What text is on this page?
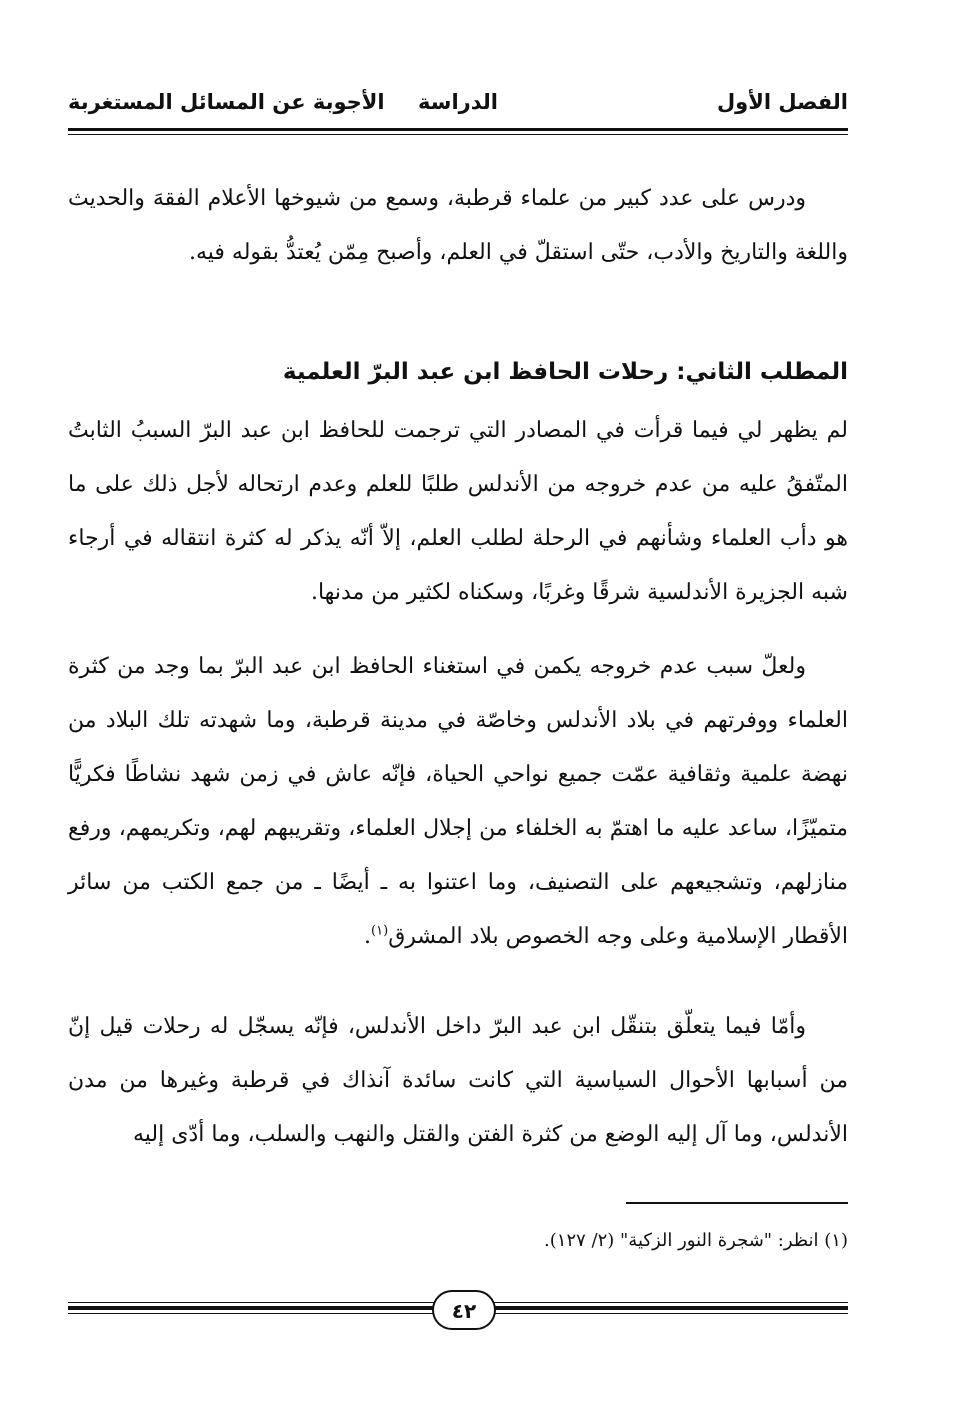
الفصل الأول
الدراسة
الأجوبة عن المسائل المستغربة

ودرس على عدد كبير من علماء قرطبة، وسمع من شيوخها الأعلام الفقهَ والحديث واللغة والتاريخ والأدب، حتّى استقلّ في العلم، وأصبح مِمّن يُعتدُّ بقوله فيه.

المطلب الثاني: رحلات الحافظ ابن عبد البرّ العلمية

لم يظهر لي فيما قرأت في المصادر التي ترجمت للحافظ ابن عبد البرّ السببُ الثابتُ المتّفقُ عليه من عدم خروجه من الأندلس طلبًا للعلم وعدم ارتحاله لأجل ذلك على ما هو دأب العلماء وشأنهم في الرحلة لطلب العلم، إلاّ أنّه يذكر له كثرة انتقاله في أرجاء شبه الجزيرة الأندلسية شرقًا وغربًا، وسكناه لكثير من مدنها.

ولعلّ سبب عدم خروجه يكمن في استغناء الحافظ ابن عبد البرّ بما وجد من كثرة العلماء ووفرتهم في بلاد الأندلس وخاصّة في مدينة قرطبة، وما شهدته تلك البلاد من نهضة علمية وثقافية عمّت جميع نواحي الحياة، فإنّه عاش في زمن شهد نشاطًا فكريًّا متميّزًا، ساعد عليه ما اهتمّ به الخلفاء من إجلال العلماء، وتقريبهم لهم، وتكريمهم، ورفع منازلهم، وتشجيعهم على التصنيف، وما اعتنوا به ـ أيضًا ـ من جمع الكتب من سائر الأقطار الإسلامية وعلى وجه الخصوص بلاد المشرق$^{(١)}$.

وأمّا فيما يتعلّق بتنقّل ابن عبد البرّ داخل الأندلس، فإنّه يسجّل له رحلات قيل إنّ من أسبابها الأحوال السياسية التي كانت سائدة آنذاك في قرطبة وغيرها من مدن الأندلس، وما آل إليه الوضع من كثرة الفتن والقتل والنهب والسلب، وما أدّى إليه

(١) انظر: "شجرة النور الزكية" (٢/ ١٢٧).
٤٢
